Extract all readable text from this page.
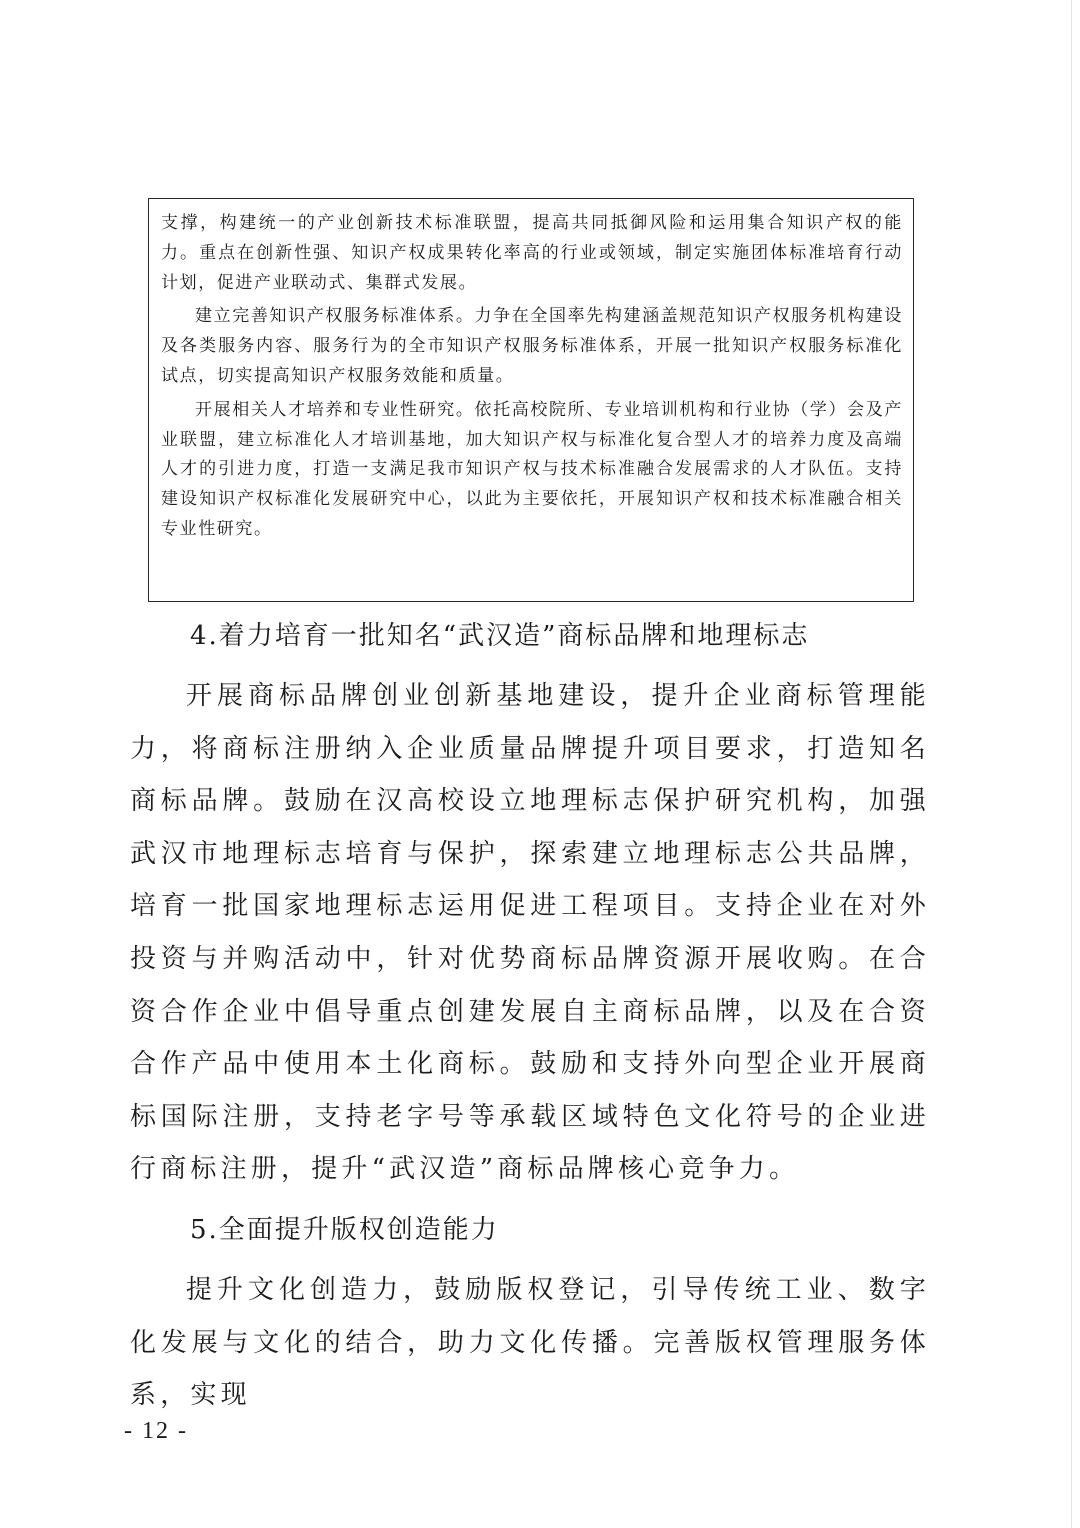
支撑，构建统一的产业创新技术标准联盟，提高共同抵御风险和运用集合知识产权的能力。重点在创新性强、知识产权成果转化率高的行业或领域，制定实施团体标准培育行动计划，促进产业联动式、集群式发展。

建立完善知识产权服务标准体系。力争在全国率先构建涵盖规范知识产权服务机构建设及各类服务内容、服务行为的全市知识产权服务标准体系，开展一批知识产权服务标准化试点，切实提高知识产权服务效能和质量。

开展相关人才培养和专业性研究。依托高校院所、专业培训机构和行业协（学）会及产业联盟，建立标准化人才培训基地，加大知识产权与标准化复合型人才的培养力度及高端人才的引进力度，打造一支满足我市知识产权与技术标准融合发展需求的人才队伍。支持建设知识产权标准化发展研究中心，以此为主要依托，开展知识产权和技术标准融合相关专业性研究。

4.着力培育一批知名“武汉造”商标品牌和地理标志

开展商标品牌创业创新基地建设，提升企业商标管理能力，将商标注册纳入企业质量品牌提升项目要求，打造知名商标品牌。鼓励在汉高校设立地理标志保护研究机构，加强武汉市地理标志培育与保护，探索建立地理标志公共品牌，培育一批国家地理标志运用促进工程项目。支持企业在对外投资与并购活动中，针对优势商标品牌资源开展收购。在合资合作企业中倡导重点创建发展自主商标品牌，以及在合资合作产品中使用本土化商标。鼓励和支持外向型企业开展商标国际注册，支持老字号等承载区域特色文化符号的企业进行商标注册，提升“武汉造”商标品牌核心竞争力。

5.全面提升版权创造能力

提升文化创造力，鼓励版权登记，引导传统工业、数字化发展与文化的结合，助力文化传播。完善版权管理服务体系，实现

- 12 -
